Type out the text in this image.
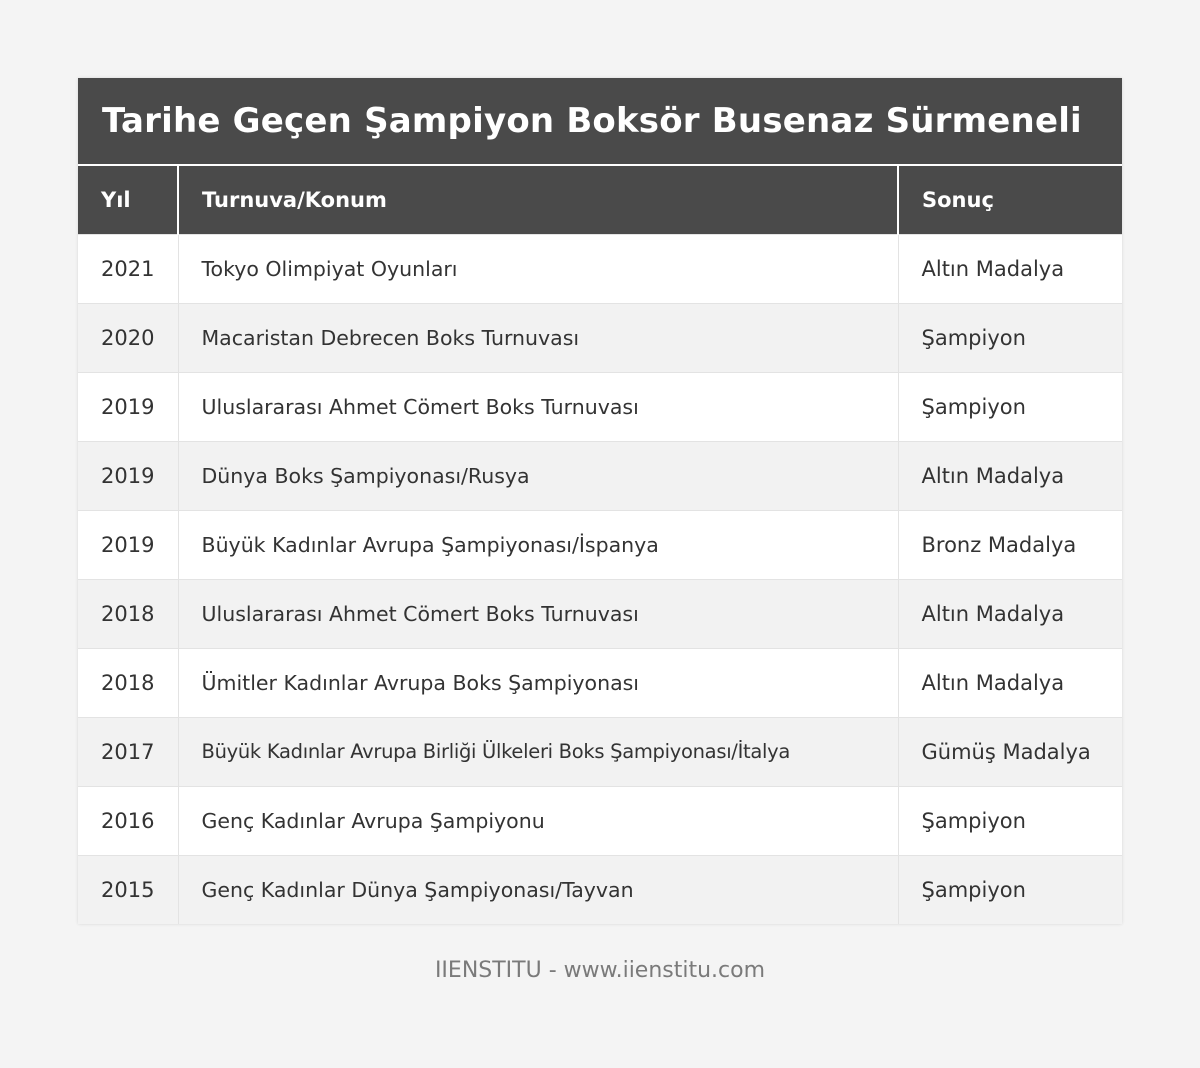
Tarihe Geçen Şampiyon Boksör Busenaz Sürmeneli
Yıl	Turnuva/Konum	Sonuç
2021	Tokyo Olimpiyat Oyunları	Altın Madalya
2020	Macaristan Debrecen Boks Turnuvası	Şampiyon
2019	Uluslararası Ahmet Cömert Boks Turnuvası	Şampiyon
2019	Dünya Boks Şampiyonası/Rusya	Altın Madalya
2019	Büyük Kadınlar Avrupa Şampiyonası/İspanya	Bronz Madalya
2018	Uluslararası Ahmet Cömert Boks Turnuvası	Altın Madalya
2018	Ümitler Kadınlar Avrupa Boks Şampiyonası	Altın Madalya
2017	Büyük Kadınlar Avrupa Birliği Ülkeleri Boks Şampiyonası/İtalya	Gümüş Madalya
2016	Genç Kadınlar Avrupa Şampiyonu	Şampiyon
2015	Genç Kadınlar Dünya Şampiyonası/Tayvan	Şampiyon
IIENSTITU - www.iienstitu.com
